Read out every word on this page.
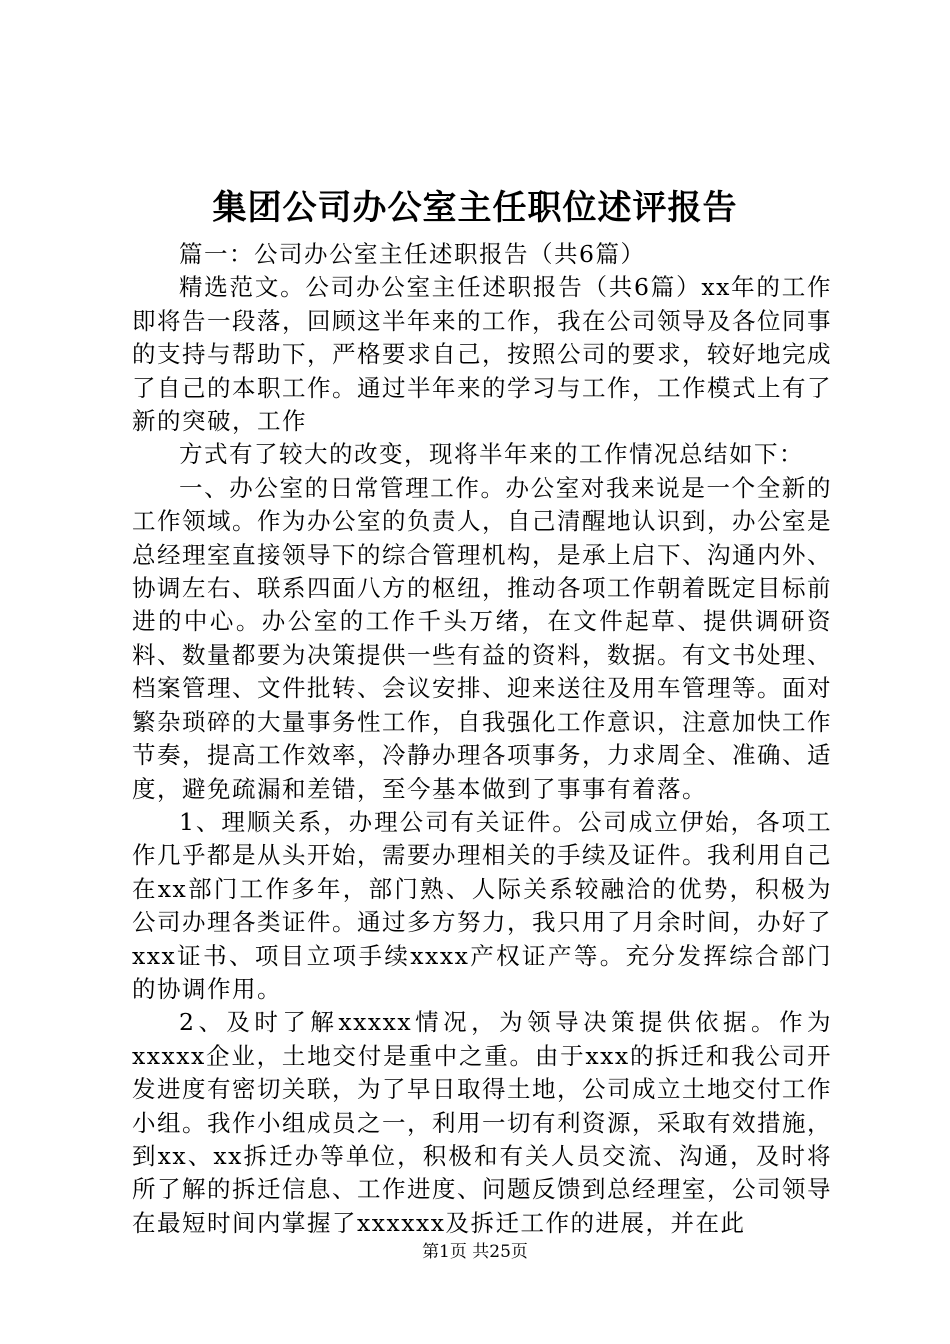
集团公司办公室主任职位述评报告

篇一：公司办公室主任述职报告（共6篇）

精选范文。公司办公室主任述职报告（共6篇）xx年的工作即将告一段落，回顾这半年来的工作，我在公司领导及各位同事的支持与帮助下，严格要求自己，按照公司的要求，较好地完成了自己的本职工作。通过半年来的学习与工作，工作模式上有了新的突破，工作

方式有了较大的改变，现将半年来的工作情况总结如下：

一、办公室的日常管理工作。办公室对我来说是一个全新的工作领域。作为办公室的负责人，自己清醒地认识到，办公室是总经理室直接领导下的综合管理机构，是承上启下、沟通内外、协调左右、联系四面八方的枢纽，推动各项工作朝着既定目标前进的中心。办公室的工作千头万绪，在文件起草、提供调研资料、数量都要为决策提供一些有益的资料，数据。有文书处理、档案管理、文件批转、会议安排、迎来送往及用车管理等。面对繁杂琐碎的大量事务性工作，自我强化工作意识，注意加快工作节奏，提高工作效率，冷静办理各项事务，力求周全、准确、适度，避免疏漏和差错，至今基本做到了事事有着落。

1、理顺关系，办理公司有关证件。公司成立伊始，各项工作几乎都是从头开始，需要办理相关的手续及证件。我利用自己在xx部门工作多年，部门熟、人际关系较融洽的优势，积极为公司办理各类证件。通过多方努力，我只用了月余时间，办好了xxx证书、项目立项手续xxxx产权证产等。充分发挥综合部门的协调作用。

2、及时了解xxxxx情况，为领导决策提供依据。作为xxxxx企业，土地交付是重中之重。由于xxx的拆迁和我公司开发进度有密切关联，为了早日取得土地，公司成立土地交付工作小组。我作小组成员之一，利用一切有利资源，采取有效措施，到xx、xx拆迁办等单位，积极和有关人员交流、沟通，及时将所了解的拆迁信息、工作进度、问题反馈到总经理室，公司领导在最短时间内掌握了xxxxxx及拆迁工作的进展，并在此

第1页 共25页
